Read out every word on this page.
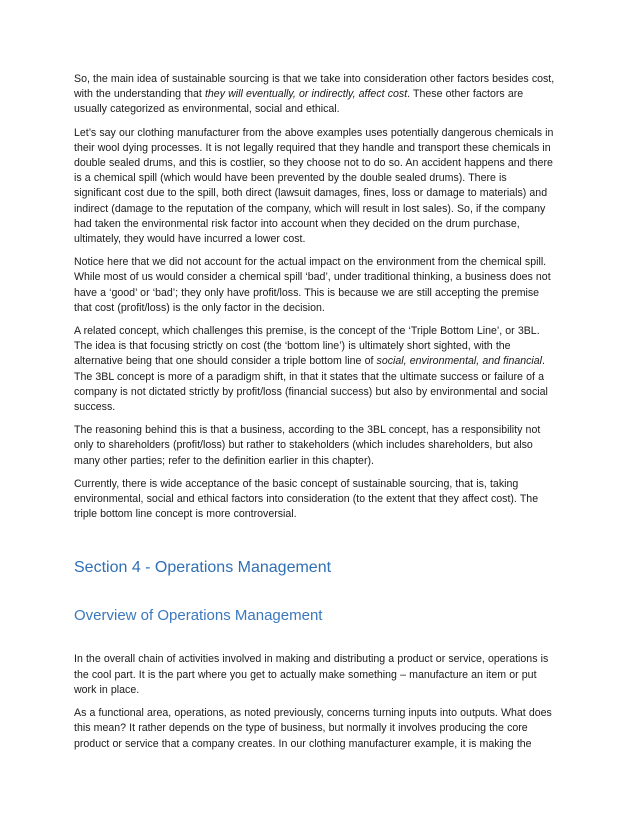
So, the main idea of sustainable sourcing is that we take into consideration other factors besides cost, with the understanding that they will eventually, or indirectly, affect cost. These other factors are usually categorized as environmental, social and ethical.

Let’s say our clothing manufacturer from the above examples uses potentially dangerous chemicals in their wool dying processes. It is not legally required that they handle and transport these chemicals in double sealed drums, and this is costlier, so they choose not to do so. An accident happens and there is a chemical spill (which would have been prevented by the double sealed drums). There is significant cost due to the spill, both direct (lawsuit damages, fines, loss or damage to materials) and indirect (damage to the reputation of the company, which will result in lost sales). So, if the company had taken the environmental risk factor into account when they decided on the drum purchase, ultimately, they would have incurred a lower cost.

Notice here that we did not account for the actual impact on the environment from the chemical spill. While most of us would consider a chemical spill ‘bad’, under traditional thinking, a business does not have a ‘good’ or ‘bad’; they only have profit/loss. This is because we are still accepting the premise that cost (profit/loss) is the only factor in the decision.

A related concept, which challenges this premise, is the concept of the ‘Triple Bottom Line’, or 3BL. The idea is that focusing strictly on cost (the ‘bottom line’) is ultimately short sighted, with the alternative being that one should consider a triple bottom line of social, environmental, and financial. The 3BL concept is more of a paradigm shift, in that it states that the ultimate success or failure of a company is not dictated strictly by profit/loss (financial success) but also by environmental and social success.

The reasoning behind this is that a business, according to the 3BL concept, has a responsibility not only to shareholders (profit/loss) but rather to stakeholders (which includes shareholders, but also many other parties; refer to the definition earlier in this chapter).

Currently, there is wide acceptance of the basic concept of sustainable sourcing, that is, taking environmental, social and ethical factors into consideration (to the extent that they affect cost). The triple bottom line concept is more controversial.

Section 4 - Operations Management
Overview of Operations Management

In the overall chain of activities involved in making and distributing a product or service, operations is the cool part. It is the part where you get to actually make something – manufacture an item or put work in place.

As a functional area, operations, as noted previously, concerns turning inputs into outputs. What does this mean? It rather depends on the type of business, but normally it involves producing the core product or service that a company creates. In our clothing manufacturer example, it is making the
